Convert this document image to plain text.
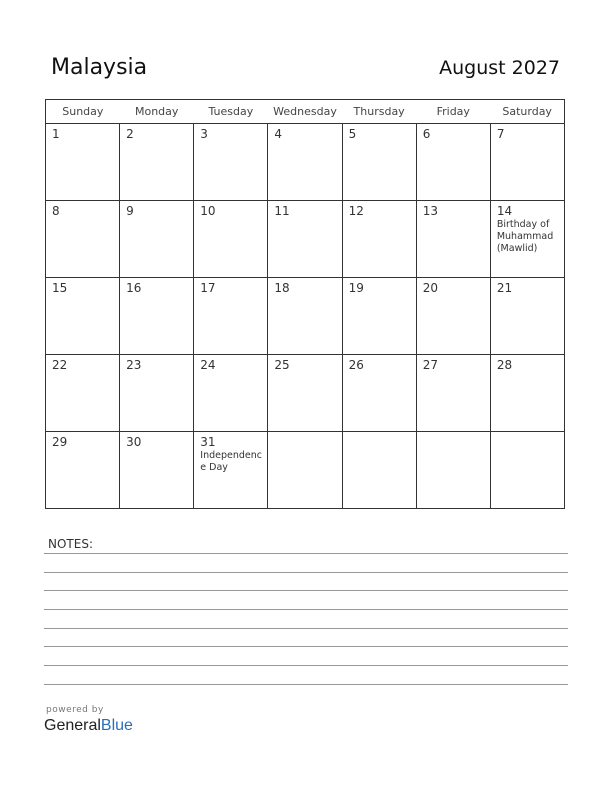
Malaysia	August 2027
Sunday	Monday	Tuesday	Wednesday	Thursday	Friday	Saturday

1	2	3	4	5	6	7

8	9	10	11	12	13	14
Birthday of Muhammad (Mawlid)

15	16	17	18	19	20	21

22	23	24	25	26	27	28

29	30	31
Independence Day				

NOTES:
powered by
GeneralBlue
